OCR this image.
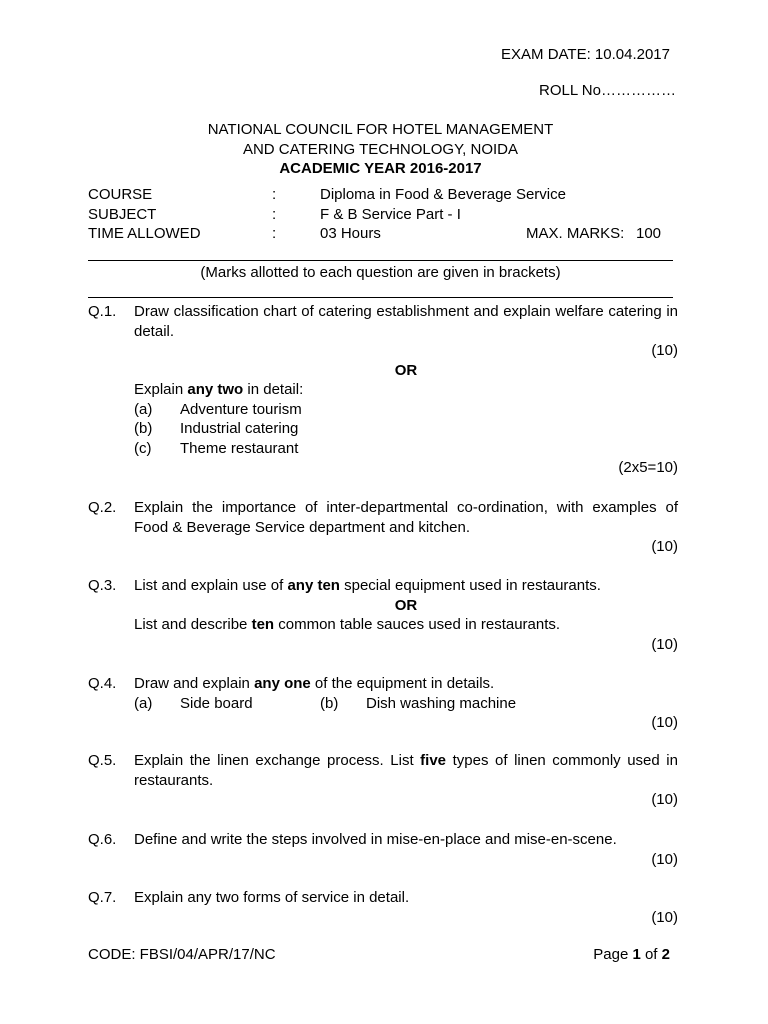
EXAM DATE: 10.04.2017
ROLL No……………
NATIONAL COUNCIL FOR HOTEL MANAGEMENT
AND CATERING TECHNOLOGY, NOIDA
ACADEMIC YEAR 2016-2017
COURSE	:	Diploma in Food & Beverage Service
SUBJECT	:	F & B Service Part - I
TIME ALLOWED	:	03 Hours	MAX. MARKS: 100
(Marks allotted to each question are given in brackets)
Q.1. Draw classification chart of catering establishment and explain welfare catering in detail.
(10)
OR
Explain any two in detail:
(a) Adventure tourism
(b) Industrial catering
(c) Theme restaurant
(2x5=10)
Q.2. Explain the importance of inter-departmental co-ordination, with examples of Food & Beverage Service department and kitchen.
(10)
Q.3. List and explain use of any ten special equipment used in restaurants.
OR
List and describe ten common table sauces used in restaurants.
(10)
Q.4. Draw and explain any one of the equipment in details.
(a) Side board	(b) Dish washing machine
(10)
Q.5. Explain the linen exchange process. List five types of linen commonly used in restaurants.
(10)
Q.6. Define and write the steps involved in mise-en-place and mise-en-scene.
(10)
Q.7. Explain any two forms of service in detail.
(10)
CODE: FBSI/04/APR/17/NC	Page 1 of 2
